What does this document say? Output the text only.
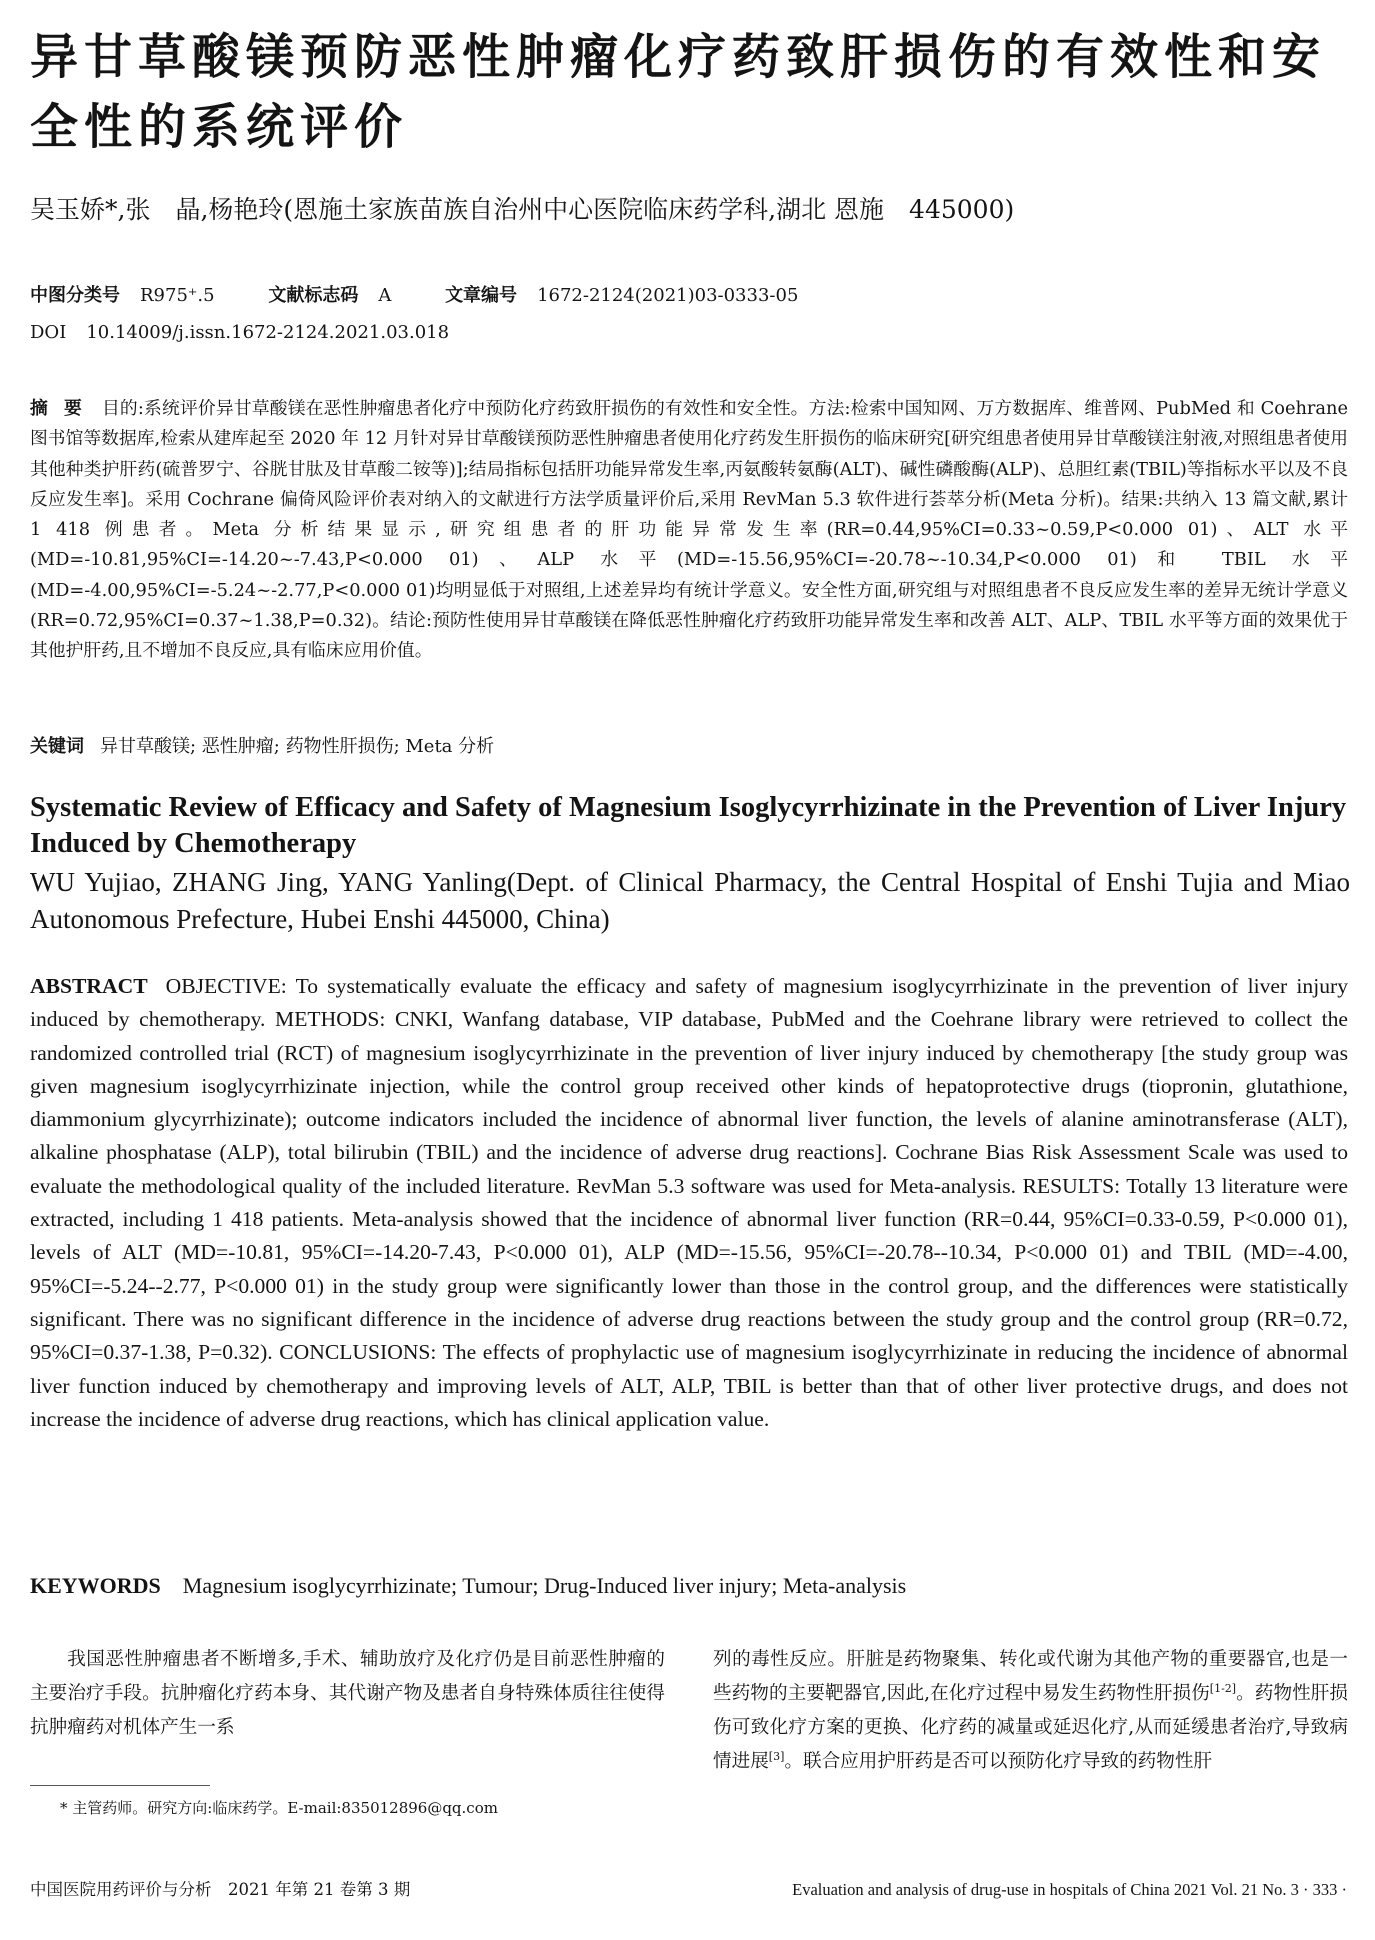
异甘草酸镁预防恶性肿瘤化疗药致肝损伤的有效性和安全性的系统评价
吴玉娇*,张　晶,杨艳玲(恩施土家族苗族自治州中心医院临床药学科,湖北 恩施　445000)
中图分类号 R975⁺.5	文献标志码 A	文章编号 1672-2124(2021)03-0333-05
DOI 10.14009/j.issn.1672-2124.2021.03.018

摘要 目的:系统评价异甘草酸镁在恶性肿瘤患者化疗中预防化疗药致肝损伤的有效性和安全性。方法:检索中国知网、万方数据库、维普网、PubMed 和 Coehrane 图书馆等数据库,检索从建库起至 2020 年 12 月针对异甘草酸镁预防恶性肿瘤患者使用化疗药发生肝损伤的临床研究[研究组患者使用异甘草酸镁注射液,对照组患者使用其他种类护肝药(硫普罗宁、谷胱甘肽及甘草酸二铵等)];结局指标包括肝功能异常发生率,丙氨酸转氨酶(ALT)、碱性磷酸酶(ALP)、总胆红素(TBIL)等指标水平以及不良反应发生率]。采用 Cochrane 偏倚风险评价表对纳入的文献进行方法学质量评价后,采用 RevMan 5.3 软件进行荟萃分析(Meta 分析)。结果:共纳入 13 篇文献,累计 1 418 例患者。Meta 分析结果显示,研究组患者的肝功能异常发生率(RR=0.44,95%CI=0.33~0.59,P<0.000 01)、ALT 水平(MD=-10.81,95%CI=-14.20~-7.43,P<0.000 01)、ALP 水平(MD=-15.56,95%CI=-20.78~-10.34,P<0.000 01)和 TBIL 水平(MD=-4.00,95%CI=-5.24~-2.77,P<0.000 01)均明显低于对照组,上述差异均有统计学意义。安全性方面,研究组与对照组患者不良反应发生率的差异无统计学意义(RR=0.72,95%CI=0.37~1.38,P=0.32)。结论:预防性使用异甘草酸镁在降低恶性肿瘤化疗药致肝功能异常发生率和改善 ALT、ALP、TBIL 水平等方面的效果优于其他护肝药,且不增加不良反应,具有临床应用价值。

关键词 异甘草酸镁; 恶性肿瘤; 药物性肝损伤; Meta 分析
Systematic Review of Efficacy and Safety of Magnesium Isoglycyrrhizinate in the Prevention of Liver Injury Induced by Chemotherapy
WU Yujiao, ZHANG Jing, YANG Yanling(Dept. of Clinical Pharmacy, the Central Hospital of Enshi Tujia and Miao Autonomous Prefecture, Hubei Enshi 445000, China)

ABSTRACT OBJECTIVE: To systematically evaluate the efficacy and safety of magnesium isoglycyrrhizinate in the prevention of liver injury induced by chemotherapy. METHODS: CNKI, Wanfang database, VIP database, PubMed and the Coehrane library were retrieved to collect the randomized controlled trial (RCT) of magnesium isoglycyrrhizinate in the prevention of liver injury induced by chemotherapy [the study group was given magnesium isoglycyrrhizinate injection, while the control group received other kinds of hepatoprotective drugs (tiopronin, glutathione, diammonium glycyrrhizinate); outcome indicators included the incidence of abnormal liver function, the levels of alanine aminotransferase (ALT), alkaline phosphatase (ALP), total bilirubin (TBIL) and the incidence of adverse drug reactions]. Cochrane Bias Risk Assessment Scale was used to evaluate the methodological quality of the included literature. RevMan 5.3 software was used for Meta-analysis. RESULTS: Totally 13 literature were extracted, including 1 418 patients. Meta-analysis showed that the incidence of abnormal liver function (RR=0.44, 95%CI=0.33-0.59, P<0.000 01), levels of ALT (MD=-10.81, 95%CI=-14.20-7.43, P<0.000 01), ALP (MD=-15.56, 95%CI=-20.78--10.34, P<0.000 01) and TBIL (MD=-4.00, 95%CI=-5.24--2.77, P<0.000 01) in the study group were significantly lower than those in the control group, and the differences were statistically significant. There was no significant difference in the incidence of adverse drug reactions between the study group and the control group (RR=0.72, 95%CI=0.37-1.38, P=0.32). CONCLUSIONS: The effects of prophylactic use of magnesium isoglycyrrhizinate in reducing the incidence of abnormal liver function induced by chemotherapy and improving levels of ALT, ALP, TBIL is better than that of other liver protective drugs, and does not increase the incidence of adverse drug reactions, which has clinical application value.

KEYWORDS Magnesium isoglycyrrhizinate; Tumour; Drug-Induced liver injury; Meta-analysis

我国恶性肿瘤患者不断增多,手术、辅助放疗及化疗仍是目前恶性肿瘤的主要治疗手段。抗肿瘤化疗药本身、其代谢产物及患者自身特殊体质往往使得抗肿瘤药对机体产生一系

列的毒性反应。肝脏是药物聚集、转化或代谢为其他产物的重要器官,也是一些药物的主要靶器官,因此,在化疗过程中易发生药物性肝损伤[1-2]。药物性肝损伤可致化疗方案的更换、化疗药的减量或延迟化疗,从而延缓患者治疗,导致病情进展[3]。联合应用护肝药是否可以预防化疗导致的药物性肝

* 主管药师。研究方向:临床药学。E-mail:835012896@qq.com
中国医院用药评价与分析　2021 年第 21 卷第 3 期	Evaluation and analysis of drug-use in hospitals of China 2021 Vol. 21 No. 3 · 333 ·
